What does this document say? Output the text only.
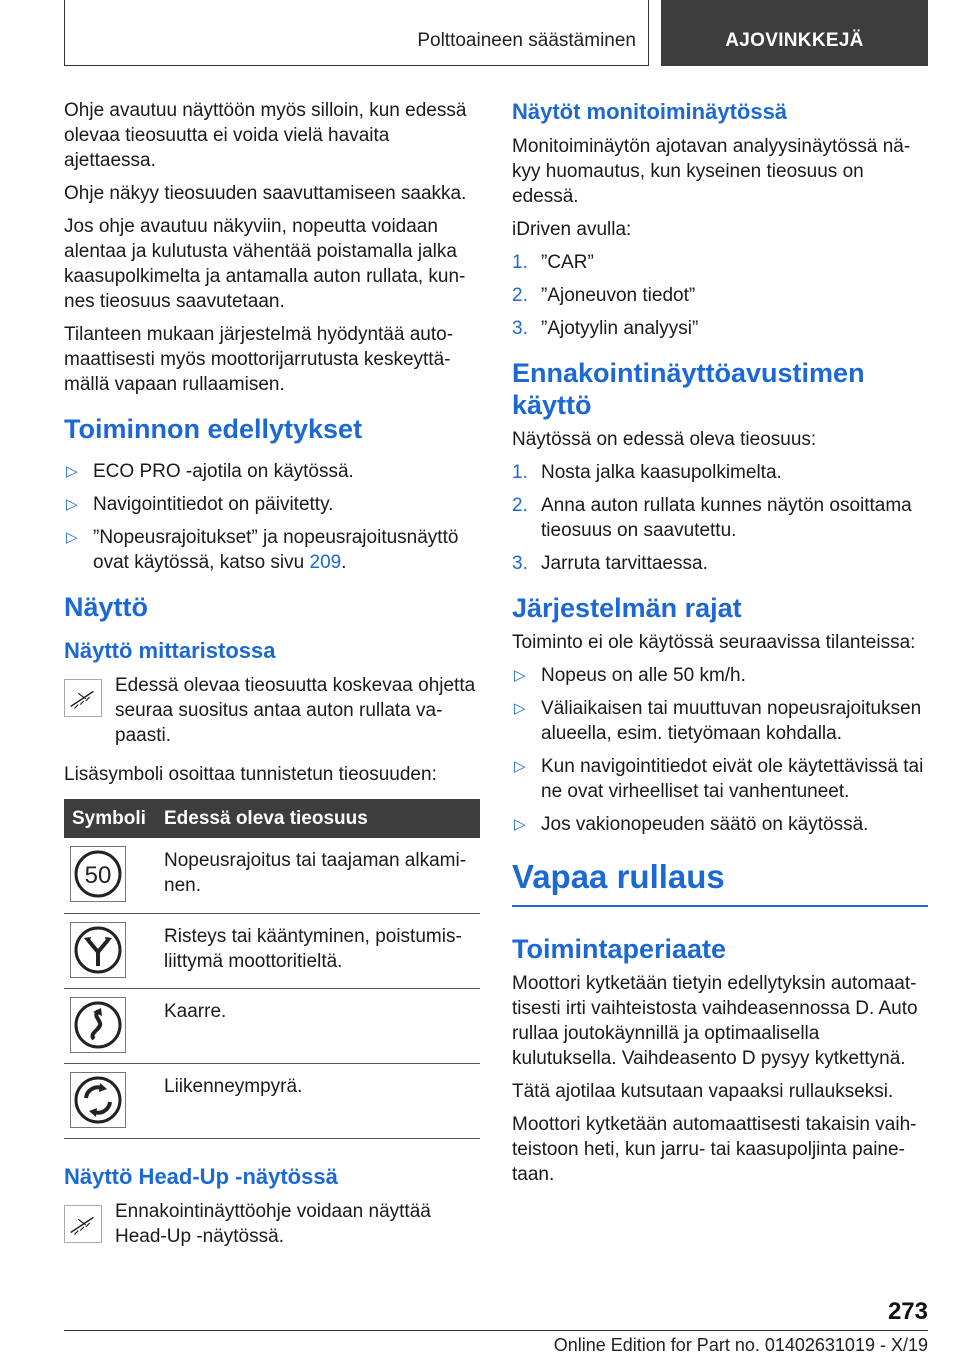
Polttoaineen säästäminen	AJOVINKKEJÄ

Ohje avautuu näyttöön myös silloin, kun edessä olevaa tieosuutta ei voida vielä havaita ajettaessa.

Ohje näkyy tieosuuden saavuttamiseen saakka.

Jos ohje avautuu näkyviin, nopeutta voidaan alentaa ja kulutusta vähentää poistamalla jalka kaasupolkimelta ja antamalla auton rullata, kun-nes tieosuus saavutetaan.

Tilanteen mukaan järjestelmä hyödyntää auto-maattisesti myös moottorijarrutusta keskeyttä-mällä vapaan rullaamisen.

Toiminnon edellytykset
▷ ECO PRO -ajotila on käytössä.
▷ Navigointitiedot on päivitetty.
▷ ”Nopeusrajoitukset” ja nopeusrajoitusnäyttö ovat käytössä, katso sivu 209.
Näyttö
Näyttö mittaristossa
Edessä olevaa tieosuutta koskevaa ohjetta seuraa suositus antaa auton rullata va-paasti.

Lisäsymboli osoittaa tunnistetun tieosuuden:

Symboli	Edessä oleva tieosuus

50	Nopeusrajoitus tai taajaman alkami-nen.

	Risteys tai kääntyminen, poistumis-liittymä moottoritieltä.

	Kaarre.

	Liikenneympyrä.
Näyttö Head-Up -näytössä
Ennakointinäyttöohje voidaan näyttää Head-Up -näytössä.
Näytöt monitoiminäytössä

Monitoiminäytön ajotavan analyysinäytössä nä-kyy huomautus, kun kyseinen tieosuus on edessä.

iDriven avulla:

1. ”CAR”
2. ”Ajoneuvon tiedot”
3. ”Ajotyylin analyysi”
Ennakointinäyttöavustimen käyttö

Näytössä on edessä oleva tieosuus:

1. Nosta jalka kaasupolkimelta.
2. Anna auton rullata kunnes näytön osoittama tieosuus on saavutettu.
3. Jarruta tarvittaessa.
Järjestelmän rajat

Toiminto ei ole käytössä seuraavissa tilanteissa:

▷ Nopeus on alle 50 km/h.
▷ Väliaikaisen tai muuttuvan nopeusrajoituksen alueella, esim. tietyömaan kohdalla.
▷ Kun navigointitiedot eivät ole käytettävissä tai ne ovat virheelliset tai vanhentuneet.
▷ Jos vakionopeuden säätö on käytössä.
Vapaa rullaus
Toimintaperiaate

Moottori kytketään tietyin edellytyksin automaat-tisesti irti vaihteistosta vaihdeasennossa D. Auto rullaa joutokäynnillä ja optimaalisella kulutuksella. Vaihdeasento D pysyy kytkettynä.

Tätä ajotilaa kutsutaan vapaaksi rullaukseksi.

Moottori kytketään automaattisesti takaisin vaih-teistoon heti, kun jarru- tai kaasupoljinta paine-taan.

273
Online Edition for Part no. 01402631019 - X/19
